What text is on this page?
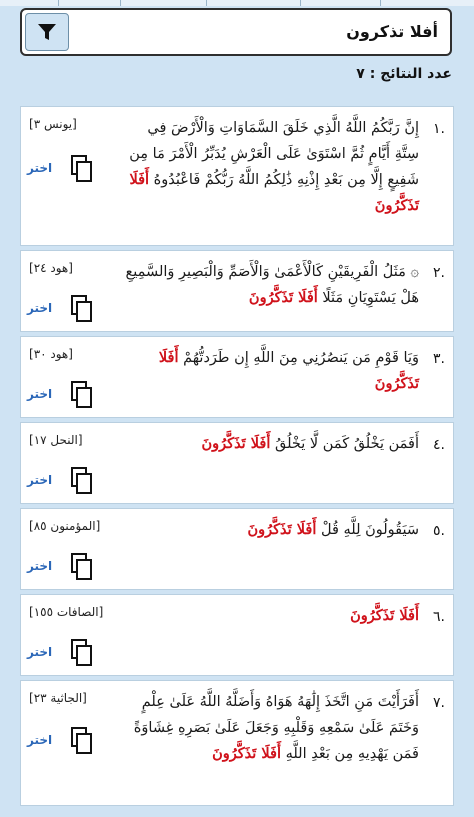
أفلا تذكرون
عدد النتائج : ٧
.١
إِنَّ رَبَّكُمُ اللَّهُ الَّذِي خَلَقَ السَّمَاوَاتِ وَالْأَرْضَ فِي سِتَّةِ أَيَّامٍ ثُمَّ اسْتَوَىٰ عَلَى الْعَرْشِ يُدَبِّرُ الْأَمْرَ مَا مِن شَفِيعٍ إِلَّا مِن بَعْدِ إِذْنِهِ ذَٰلِكُمُ اللَّهُ رَبُّكُمْ فَاعْبُدُوهُ أَفَلَا تَذَكَّرُونَ
[يونس ٣]
اختر
.٢
۞ مَثَلُ الْفَرِيقَيْنِ كَالْأَعْمَىٰ وَالْأَصَمِّ وَالْبَصِيرِ وَالسَّمِيعِ هَلْ يَسْتَوِيَانِ مَثَلًا أَفَلَا تَذَكَّرُونَ
[هود ٢٤]
اختر
.٣
وَيَا قَوْمِ مَن يَنصُرُنِي مِنَ اللَّهِ إِن طَرَدتُّهُمْ أَفَلَا تَذَكَّرُونَ
[هود ٣٠]
اختر
.٤
أَفَمَن يَخْلُقُ كَمَن لَّا يَخْلُقُ أَفَلَا تَذَكَّرُونَ
[النحل ١٧]
اختر
.٥
سَيَقُولُونَ لِلَّهِ قُلْ أَفَلَا تَذَكَّرُونَ
[المؤمنون ٨٥]
اختر
.٦
أَفَلَا تَذَكَّرُونَ
[الصافات ١٥٥]
اختر
.٧
أَفَرَأَيْتَ مَنِ اتَّخَذَ إِلَٰهَهُ هَوَاهُ وَأَضَلَّهُ اللَّهُ عَلَىٰ عِلْمٍ وَخَتَمَ عَلَىٰ سَمْعِهِ وَقَلْبِهِ وَجَعَلَ عَلَىٰ بَصَرِهِ غِشَاوَةً فَمَن يَهْدِيهِ مِن بَعْدِ اللَّهِ أَفَلَا تَذَكَّرُونَ
[الجاثية ٢٣]
اختر
